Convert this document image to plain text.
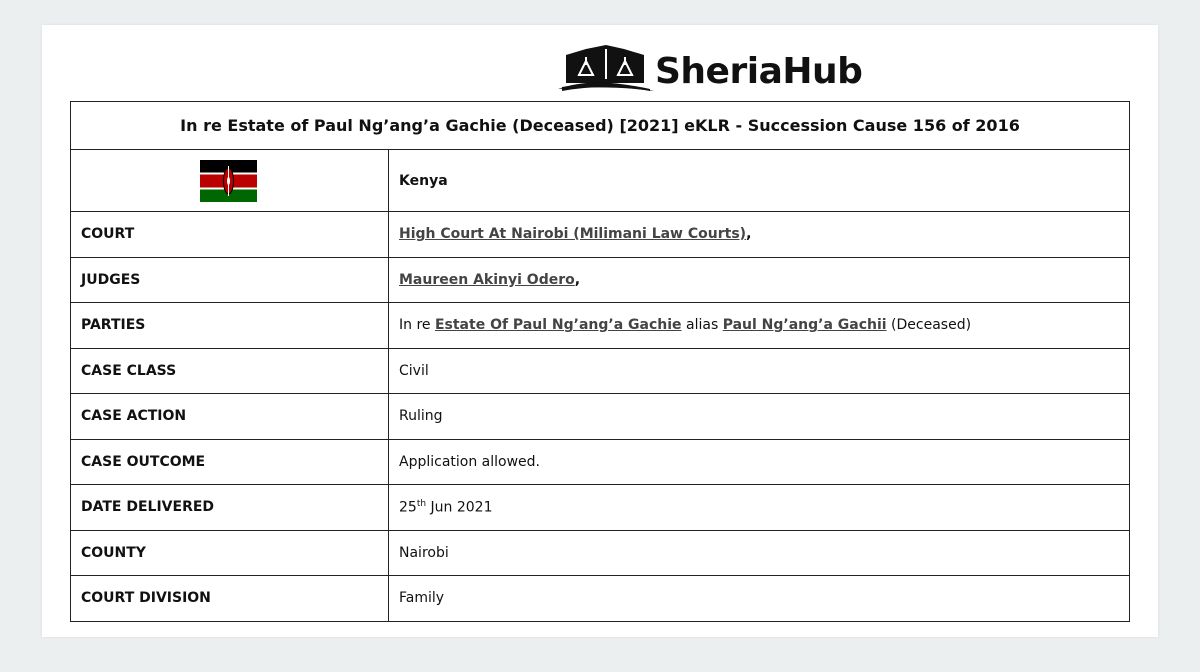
SheriaHub
In re Estate of Paul Ng’ang’a Gachie (Deceased) [2021] eKLR - Succession Cause 156 of 2016	
	Kenya
COURT	High Court At Nairobi (Milimani Law Courts),
JUDGES	Maureen Akinyi Odero,
PARTIES	In re Estate Of Paul Ng’ang’a Gachie alias Paul Ng’ang’a Gachii (Deceased)
CASE CLASS	Civil
CASE ACTION	Ruling
CASE OUTCOME	Application allowed.
DATE DELIVERED	25th Jun 2021
COUNTY	Nairobi
COURT DIVISION	Family
